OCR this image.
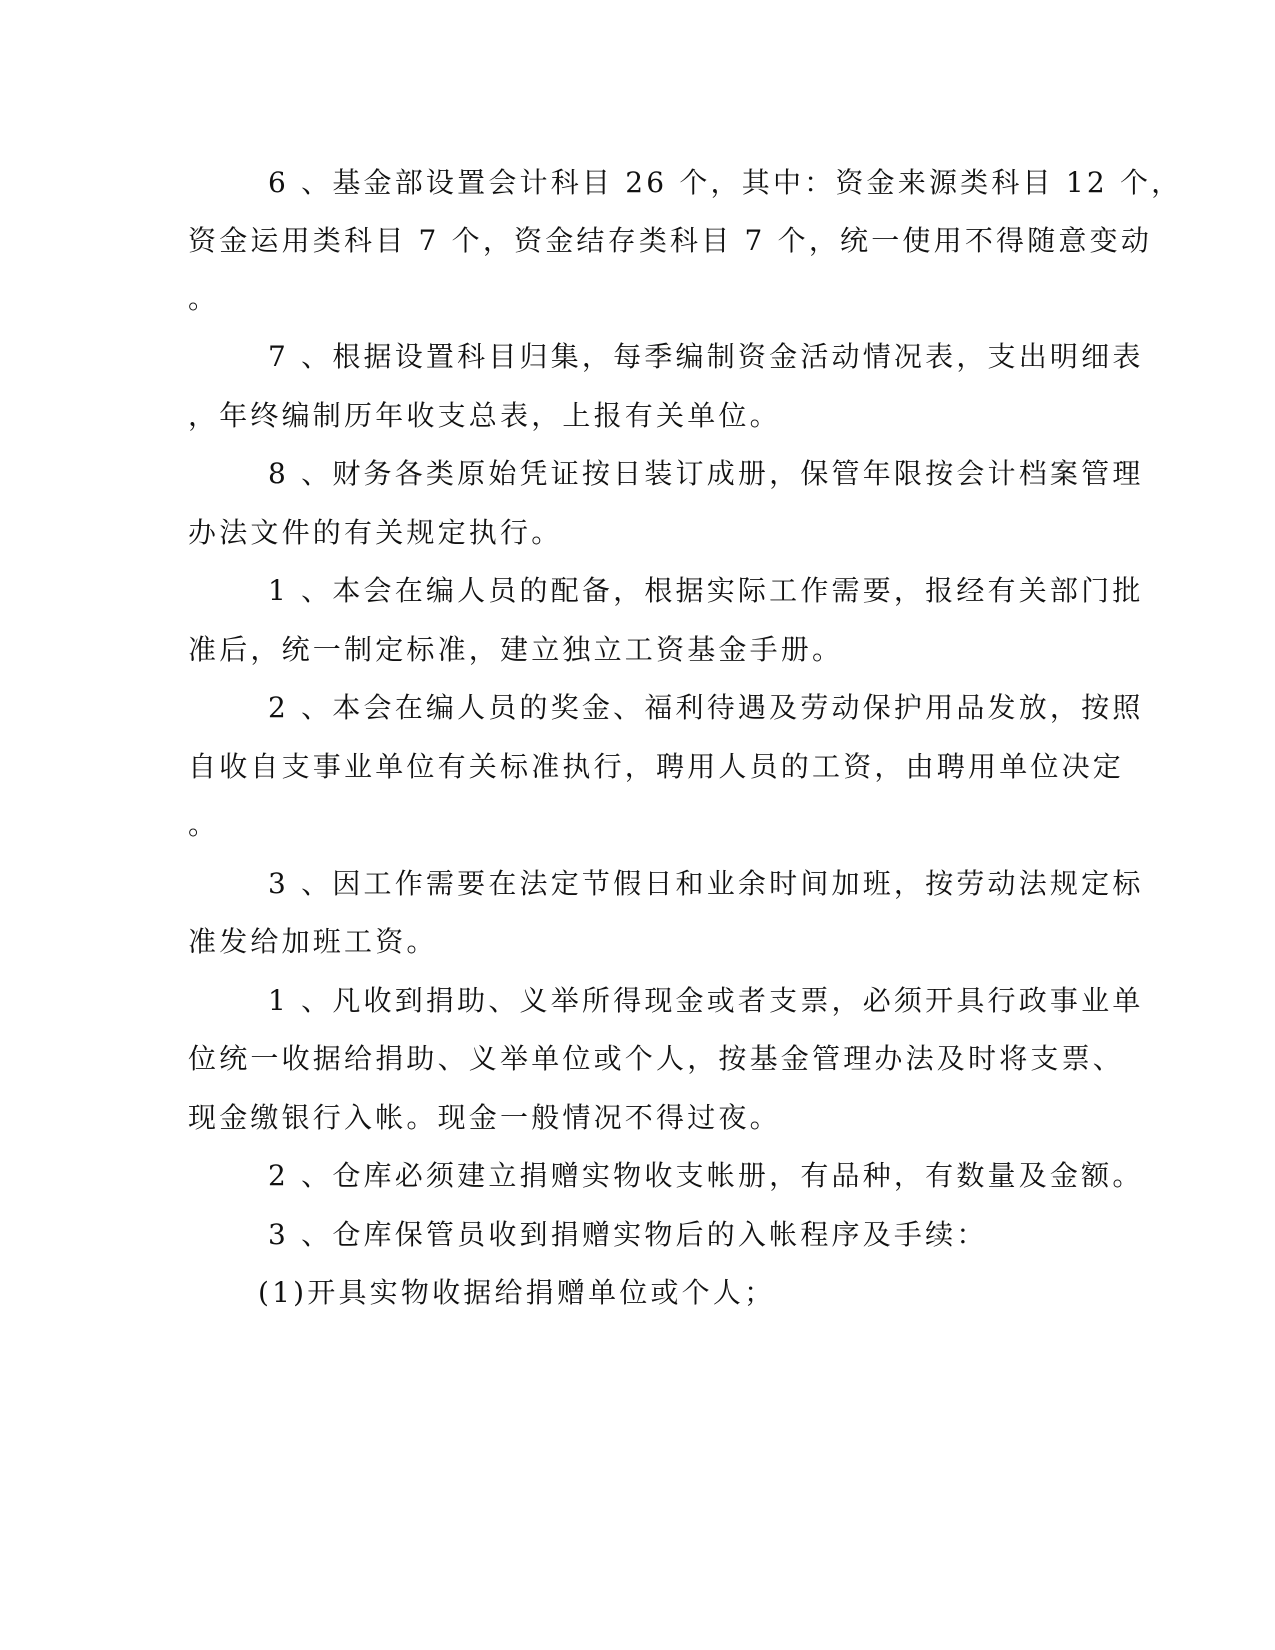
6 、基金部设置会计科目 26 个，其中：资金来源类科目 12 个，
资金运用类科目 7 个，资金结存类科目 7 个，统一使用不得随意变动
。
7 、根据设置科目归集，每季编制资金活动情况表，支出明细表
，年终编制历年收支总表，上报有关单位。
8 、财务各类原始凭证按日装订成册，保管年限按会计档案管理
办法文件的有关规定执行。
1 、本会在编人员的配备，根据实际工作需要，报经有关部门批
准后，统一制定标准，建立独立工资基金手册。
2 、本会在编人员的奖金、福利待遇及劳动保护用品发放，按照
自收自支事业单位有关标准执行，聘用人员的工资，由聘用单位决定
。
3 、因工作需要在法定节假日和业余时间加班，按劳动法规定标
准发给加班工资。
1 、凡收到捐助、义举所得现金或者支票，必须开具行政事业单
位统一收据给捐助、义举单位或个人，按基金管理办法及时将支票、
现金缴银行入帐。现金一般情况不得过夜。
2 、仓库必须建立捐赠实物收支帐册，有品种，有数量及金额。
3 、仓库保管员收到捐赠实物后的入帐程序及手续：
(1)开具实物收据给捐赠单位或个人；
